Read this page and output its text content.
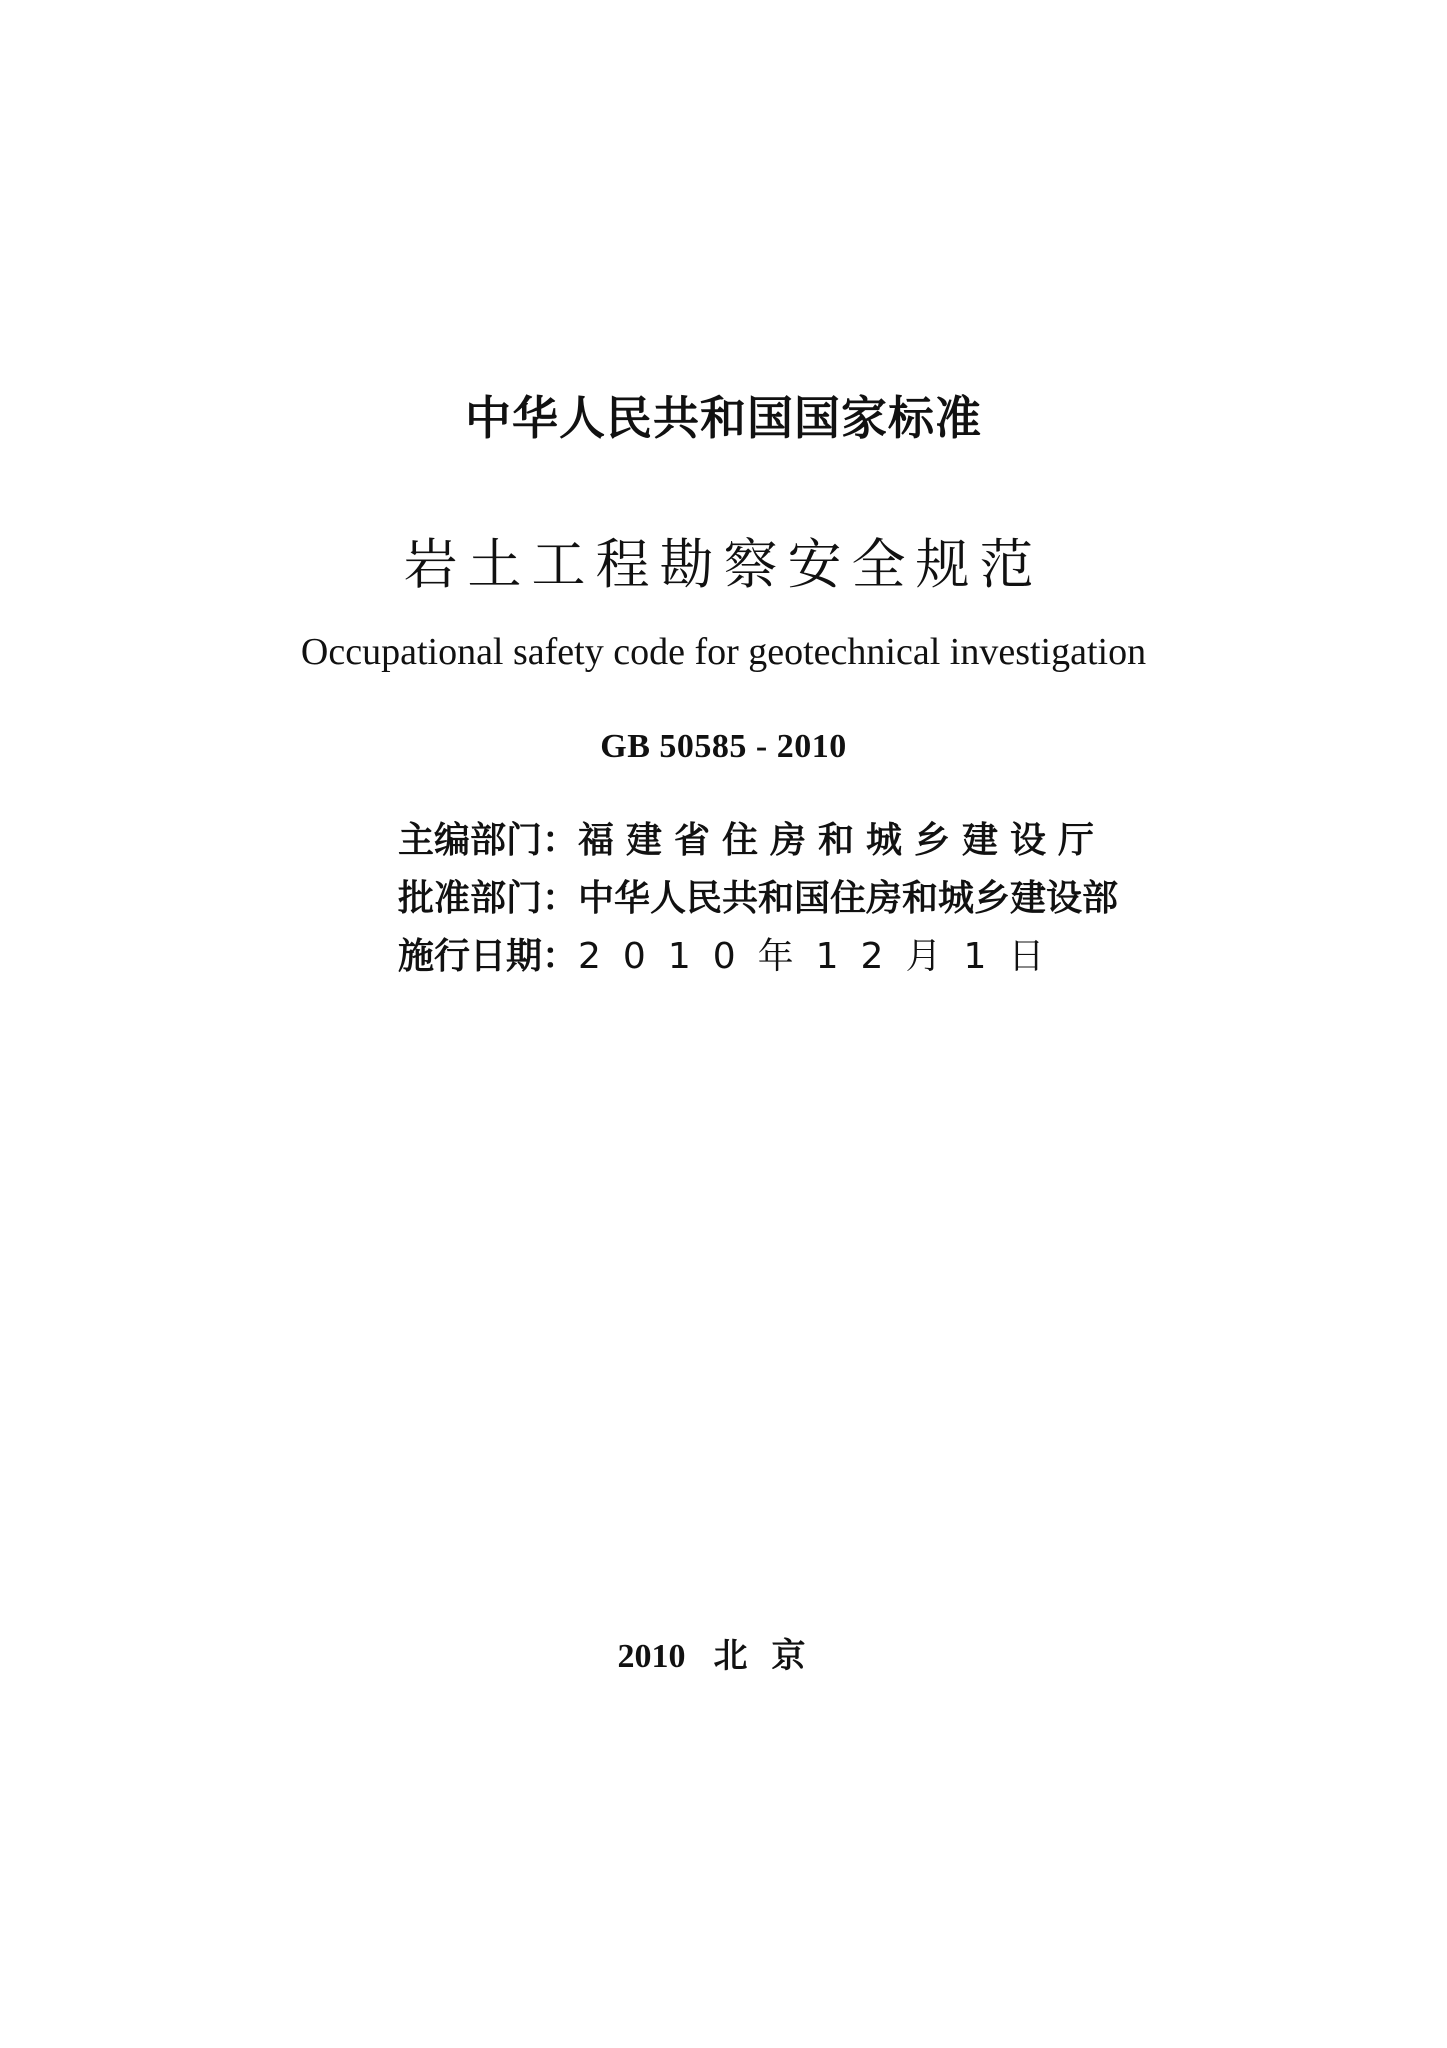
中华人民共和国国家标准
岩土工程勘察安全规范
Occupational safety code for geotechnical investigation
GB 50585 - 2010
主编部门：福建省住房和城乡建设厅
批准部门：中华人民共和国住房和城乡建设部
施行日期：2010年12月1日
2010 北京
